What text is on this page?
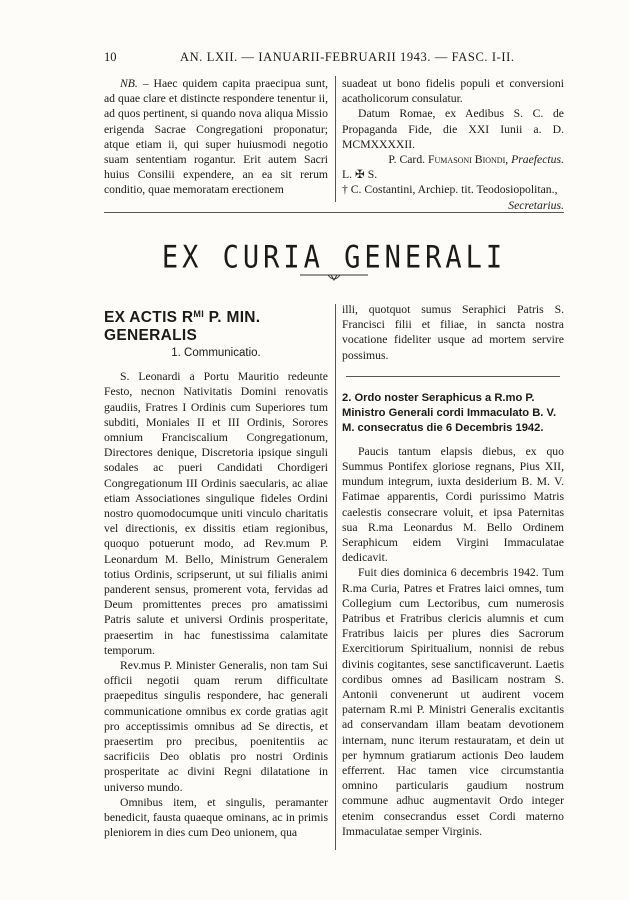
10	AN. LXII. — IANUARII-FEBRUARII 1943. — FASC. I-II.

NB. – Haec quidem capita praecipua sunt, ad quae clare et distincte respondere tenentur ii, ad quos pertinent, si quando nova aliqua Missio erigenda Sacrae Congregationi proponatur; atque etiam ii, qui super huiusmodi negotio suam sententiam rogantur. Erit autem Sacri huius Consilii expendere, an ea sit rerum conditio, quae memoratam erectionem

suadeat ut bono fidelis populi et conversioni acatholicorum consulatur.

Datum Romae, ex Aedibus S. C. de Propaganda Fide, die XXI Iunii a. D. MCMXXXXII.

P. Card. Fumasoni Biondi, Praefectus.

L. ✠ S.

† C. Costantini, Archiep. tit. Teodosiopolitan.,

Secretarius.

EX CURIA GENERALI
EX ACTIS $R^{MI}$ P. MIN. GENERALIS

1. Communicatio.

S. Leonardi a Portu Mauritio redeunte Festo, necnon Nativitatis Domini renovatis gaudiis, Fratres I Ordinis cum Superiores tum subditi, Moniales II et III Ordinis, Sorores omnium Franciscalium Congregationum, Directores denique, Discretoria ipsique singuli sodales ac pueri Candidati Chordigeri Congregationum III Ordinis saecularis, ac aliae etiam Associationes singulique fideles Ordini nostro quomodocumque uniti vinculo charitatis vel directionis, ex dissitis etiam regionibus, quoquo potuerunt modo, ad Rev.mum P. Leonardum M. Bello, Ministrum Generalem totius Ordinis, scripserunt, ut sui filialis animi panderent sensus, promerent vota, fervidas ad Deum promittentes preces pro amatissimi Patris salute et universi Ordinis prosperitate, praesertim in hac funestissima calamitate temporum.

Rev.mus P. Minister Generalis, non tam Sui officii negotii quam rerum difficultate praepeditus singulis respondere, hac generali communicatione omnibus ex corde gratias agit pro acceptissimis omnibus ad Se directis, et praesertim pro precibus, poenitentiis ac sacrificiis Deo oblatis pro nostri Ordinis prosperitate ac divini Regni dilatatione in universo mundo.

Omnibus item, et singulis, peramanter benedicit, fausta quaeque ominans, ac in primis pleniorem in dies cum Deo unionem, qua

illi, quotquot sumus Seraphici Patris S. Francisci filii et filiae, in sancta nostra vocatione fideliter usque ad mortem servire possimus.

2. Ordo noster Seraphicus a R.mo P. Ministro Generali cordi Immaculato B. V. M. consecratus die 6 Decembris 1942.

Paucis tantum elapsis diebus, ex quo Summus Pontifex gloriose regnans, Pius XII, mundum integrum, iuxta desiderium B. M. V. Fatimae apparentis, Cordi purissimo Matris caelestis consecrare voluit, et ipsa Paternitas sua R.ma Leonardus M. Bello Ordinem Seraphicum eidem Virgini Immaculatae dedicavit.

Fuit dies dominica 6 decembris 1942. Tum R.ma Curia, Patres et Fratres laici omnes, tum Collegium cum Lectoribus, cum numerosis Patribus et Fratribus clericis alumnis et cum Fratribus laicis per plures dies Sacrorum Exercitiorum Spiritualium, nonnisi de rebus divinis cogitantes, sese sanctificaverunt. Laetis cordibus omnes ad Basilicam nostram S. Antonii convenerunt ut audirent vocem paternam R.mi P. Ministri Generalis excitantis ad conservandam illam beatam devotionem internam, nunc iterum restauratam, et dein ut per hymnum gratiarum actionis Deo laudem efferrent. Hac tamen vice circumstantia omnino particularis gaudium nostrum commune adhuc augmentavit Ordo integer etenim consecrandus esset Cordi materno Immaculatae semper Virginis.
